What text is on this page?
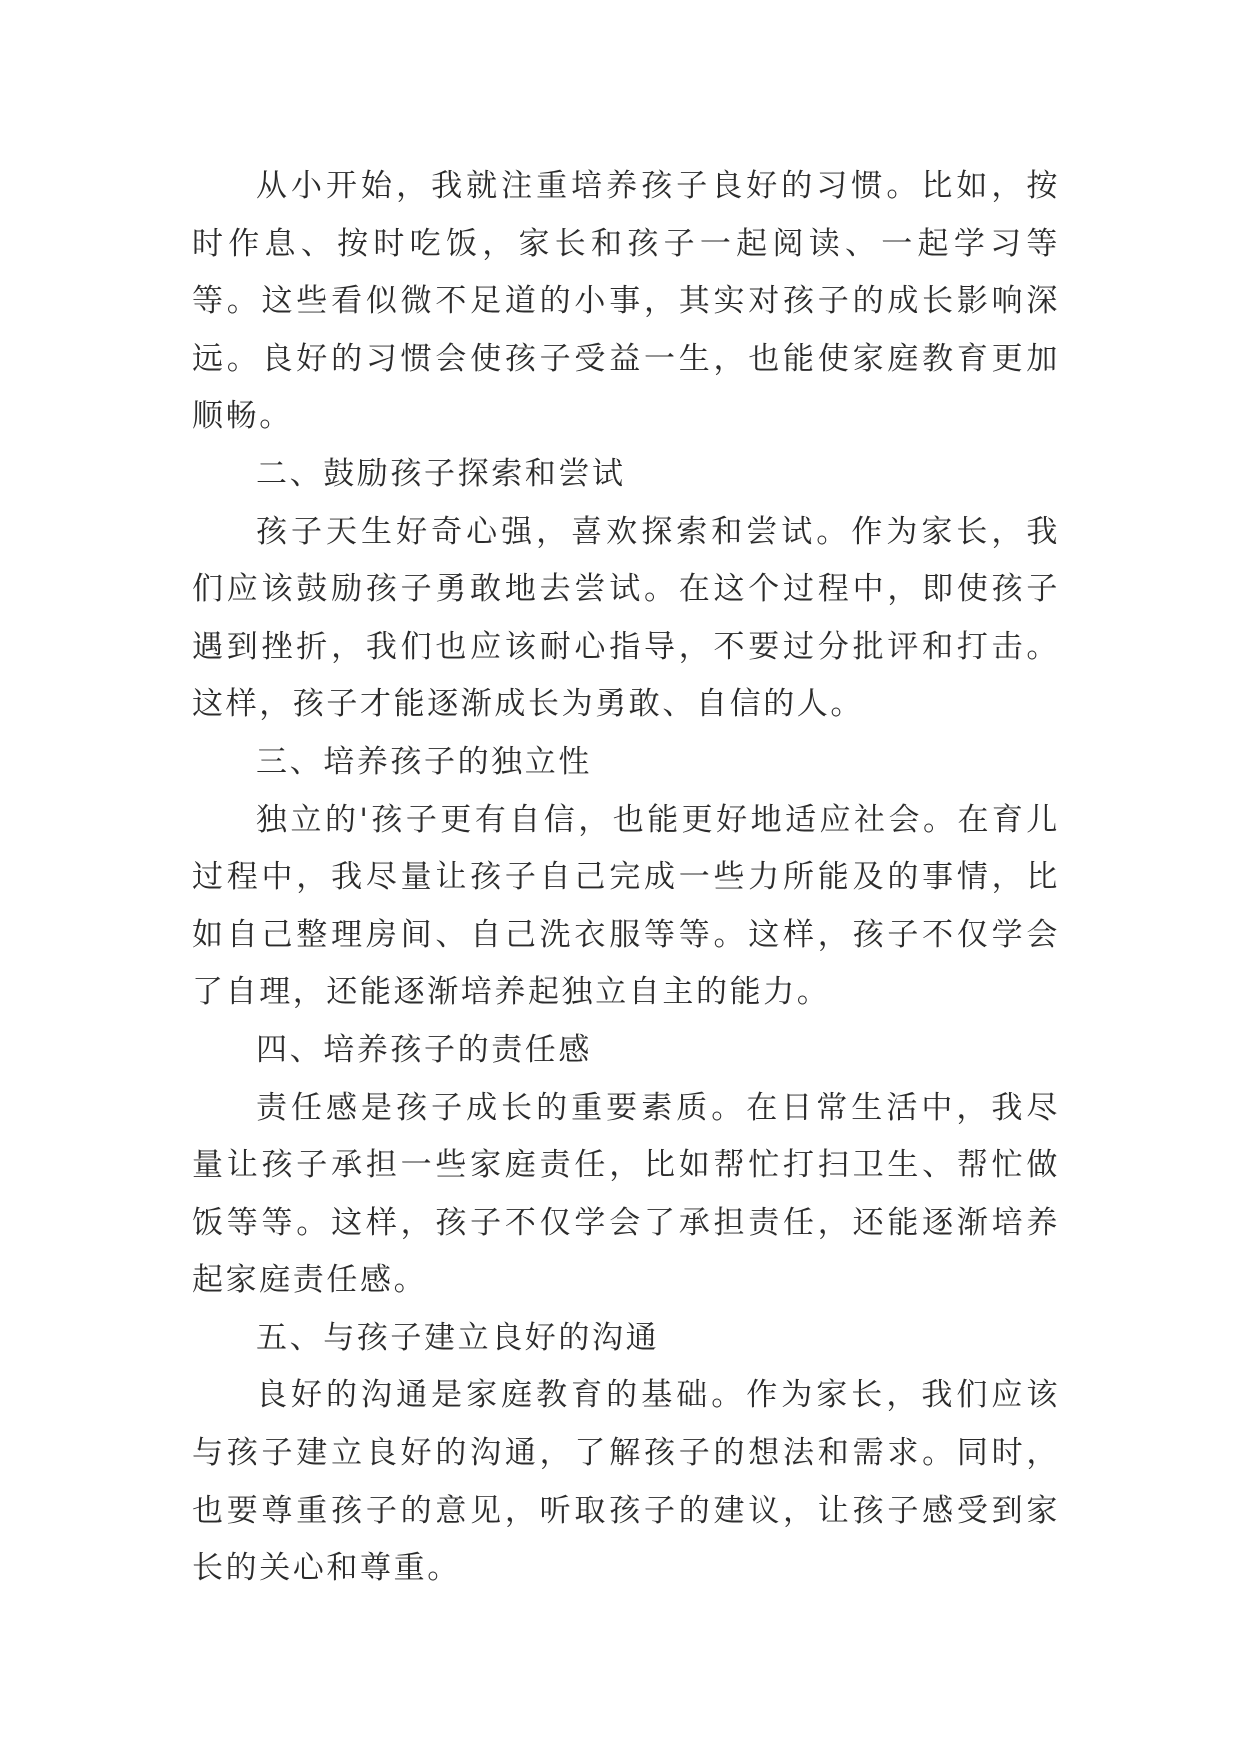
从小开始，我就注重培养孩子良好的习惯。比如，按时作息、按时吃饭，家长和孩子一起阅读、一起学习等等。这些看似微不足道的小事，其实对孩子的成长影响深远。良好的习惯会使孩子受益一生，也能使家庭教育更加顺畅。

二、鼓励孩子探索和尝试

孩子天生好奇心强，喜欢探索和尝试。作为家长，我们应该鼓励孩子勇敢地去尝试。在这个过程中，即使孩子遇到挫折，我们也应该耐心指导，不要过分批评和打击。这样，孩子才能逐渐成长为勇敢、自信的人。

三、培养孩子的独立性

独立的'孩子更有自信，也能更好地适应社会。在育儿过程中，我尽量让孩子自己完成一些力所能及的事情，比如自己整理房间、自己洗衣服等等。这样，孩子不仅学会了自理，还能逐渐培养起独立自主的能力。

四、培养孩子的责任感

责任感是孩子成长的重要素质。在日常生活中，我尽量让孩子承担一些家庭责任，比如帮忙打扫卫生、帮忙做饭等等。这样，孩子不仅学会了承担责任，还能逐渐培养起家庭责任感。

五、与孩子建立良好的沟通

良好的沟通是家庭教育的基础。作为家长，我们应该与孩子建立良好的沟通，了解孩子的想法和需求。同时，也要尊重孩子的意见，听取孩子的建议，让孩子感受到家长的关心和尊重。
